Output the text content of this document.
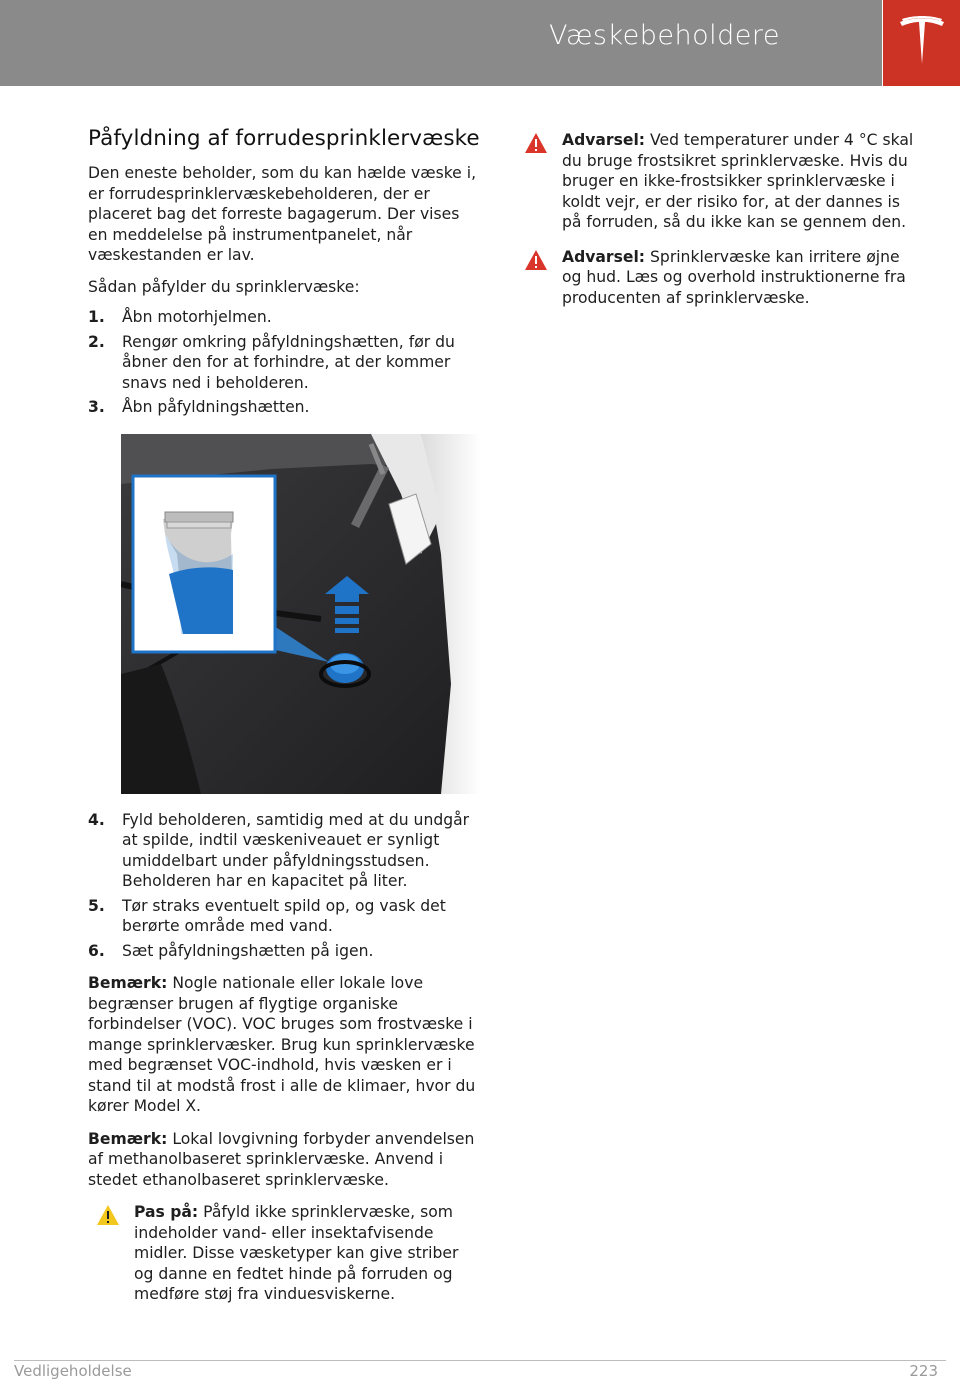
Væskebeholdere
Påfyldning af forrudesprinklervæske

Den eneste beholder, som du kan hælde væske i, er forrudesprinklervæskebeholderen, der er placeret bag det forreste bagagerum. Der vises en meddelelse på instrumentpanelet, når væskestanden er lav.

Sådan påfylder du sprinklervæske:

1. Åbn motorhjelmen.
2. Rengør omkring påfyldningshætten, før du åbner den for at forhindre, at der kommer snavs ned i beholderen.
3. Åbn påfyldningshætten.
4. Fyld beholderen, samtidig med at du undgår at spilde, indtil væskeniveauet er synligt umiddelbart under påfyldningsstudsen. Beholderen har en kapacitet på liter.
5. Tør straks eventuelt spild op, og vask det berørte område med vand.
6. Sæt påfyldningshætten på igen.

Bemærk: Nogle nationale eller lokale love begrænser brugen af flygtige organiske forbindelser (VOC). VOC bruges som frostvæske i mange sprinklervæsker. Brug kun sprinklervæske med begrænset VOC-indhold, hvis væsken er i stand til at modstå frost i alle de klimaer, hvor du kører Model X.

Bemærk: Lokal lovgivning forbyder anvendelsen af methanolbaseret sprinklervæske. Anvend i stedet ethanolbaseret sprinklervæske.

Pas på: Påfyld ikke sprinklervæske, som indeholder vand- eller insektafvisende midler. Disse væsketyper kan give striber og danne en fedtet hinde på forruden og medføre støj fra vinduesviskerne.

Advarsel: Ved temperaturer under 4 °C skal du bruge frostsikret sprinklervæske. Hvis du bruger en ikke-frostsikker sprinklervæske i koldt vejr, er der risiko for, at der dannes is på forruden, så du ikke kan se gennem den.

Advarsel: Sprinklervæske kan irritere øjne og hud. Læs og overhold instruktionerne fra producenten af sprinklervæske.

Vedligeholdelse	223
